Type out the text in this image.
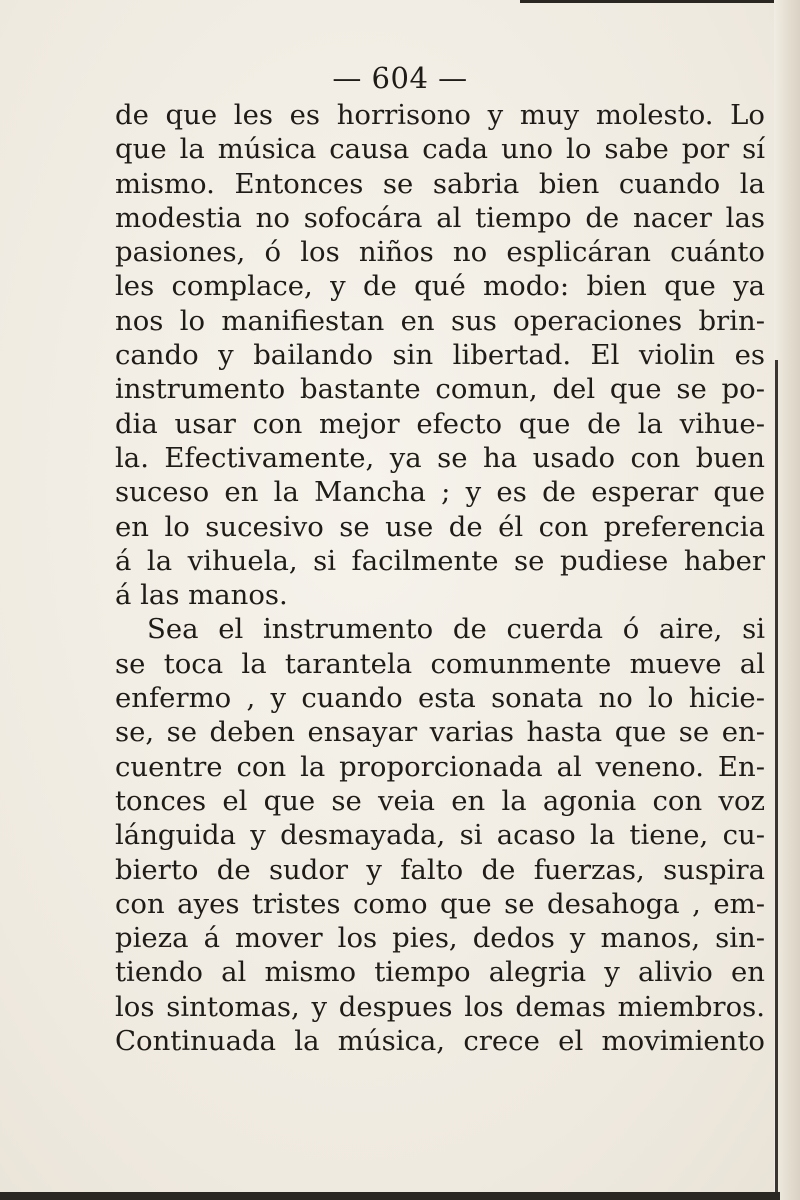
— 604 —
de que les es horrisono y muy molesto. Lo
que la música causa cada uno lo sabe por sí
mismo. Entonces se sabria bien cuando la
modestia no sofocára al tiempo de nacer las
pasiones, ó los niños no esplicáran cuánto
les complace, y de qué modo: bien que ya
nos lo manifiestan en sus operaciones brin-
cando y bailando sin libertad. El violin es
instrumento bastante comun, del que se po-
dia usar con mejor efecto que de la vihue-
la. Efectivamente, ya se ha usado con buen
suceso en la Mancha ; y es de esperar que
en lo sucesivo se use de él con preferencia
á la vihuela, si facilmente se pudiese haber
á las manos.
Sea el instrumento de cuerda ó aire, si
se toca la tarantela comunmente mueve al
enfermo , y cuando esta sonata no lo hicie-
se, se deben ensayar varias hasta que se en-
cuentre con la proporcionada al veneno. En-
tonces el que se veia en la agonia con voz
lánguida y desmayada, si acaso la tiene, cu-
bierto de sudor y falto de fuerzas, suspira
con ayes tristes como que se desahoga , em-
pieza á mover los pies, dedos y manos, sin-
tiendo al mismo tiempo alegria y alivio en
los sintomas, y despues los demas miembros.
Continuada la música, crece el movimiento
